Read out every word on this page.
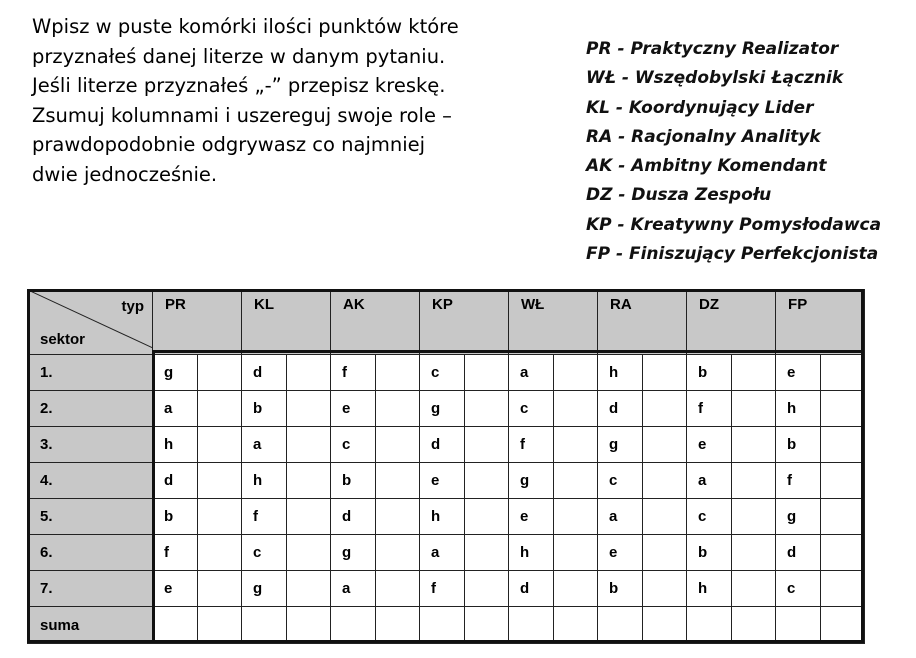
Wpisz w puste komórki ilości punktów które
przyznałeś danej literze w danym pytaniu.
Jeśli literze przyznałeś „-” przepisz kreskę.
Zsumuj kolumnami i uszereguj swoje role –
prawdopodobnie odgrywasz co najmniej
dwie jednocześnie.
PR - Praktyczny Realizator
WŁ - Wszędobylski Łącznik
KL - Koordynujący Lider
RA - Racjonalny Analityk
AK - Ambitny Komendant
DZ - Dusza Zespołu
KP - Kreatywny Pomysłodawca
FP - Finiszujący Perfekcjonista
typ
sektor	PR		KL		AK		KP		WŁ		RA		DZ		FP	
1.	g		d		f		c		a		h		b		e	
2.	a		b		e		g		c		d		f		h	
3.	h		a		c		d		f		g		e		b	
4.	d		h		b		e		g		c		a		f	
5.	b		f		d		h		e		a		c		g	
6.	f		c		g		a		h		e		b		d	
7.	e		g		a		f		d		b		h		c	
suma																
